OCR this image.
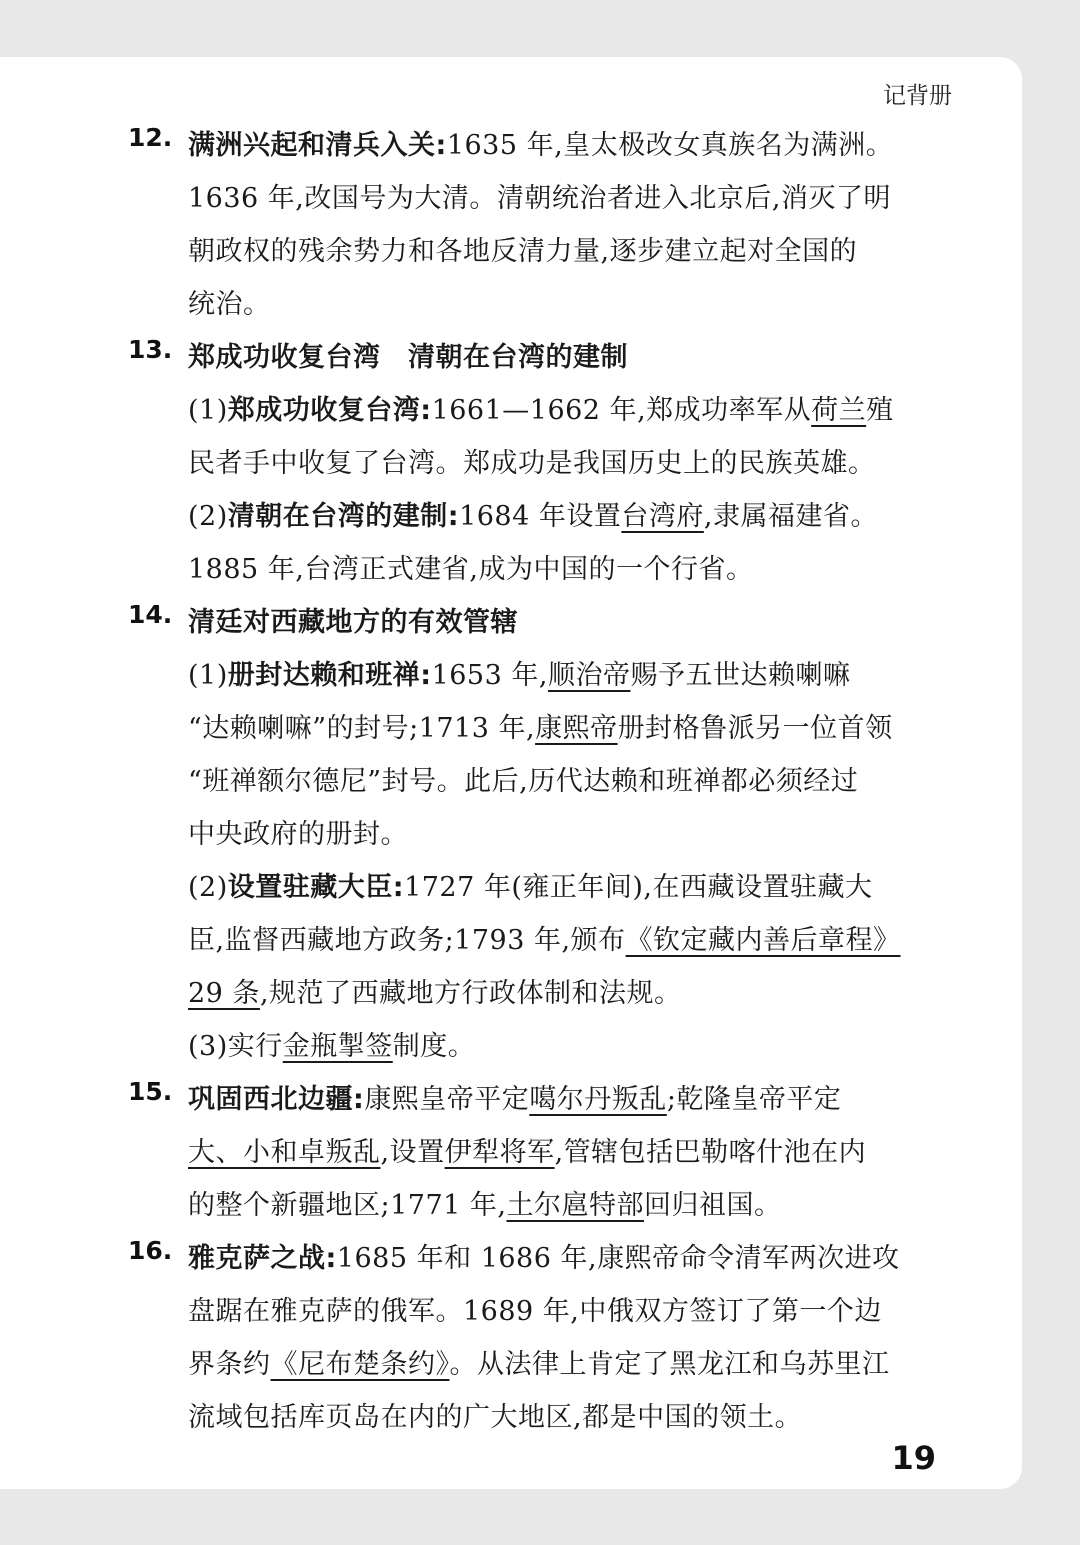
记背册
12. 满洲兴起和清兵入关:1635 年,皇太极改女真族名为满洲。
1636 年,改国号为大清。清朝统治者进入北京后,消灭了明
朝政权的残余势力和各地反清力量,逐步建立起对全国的
统治。
13. 郑成功收复台湾　清朝在台湾的建制
(1)郑成功收复台湾:1661—1662 年,郑成功率军从荷兰殖
民者手中收复了台湾。郑成功是我国历史上的民族英雄。
(2)清朝在台湾的建制:1684 年设置台湾府,隶属福建省。
1885 年,台湾正式建省,成为中国的一个行省。
14. 清廷对西藏地方的有效管辖
(1)册封达赖和班禅:1653 年,顺治帝赐予五世达赖喇嘛
“达赖喇嘛”的封号;1713 年,康熙帝册封格鲁派另一位首领
“班禅额尔德尼”封号。此后,历代达赖和班禅都必须经过
中央政府的册封。
(2)设置驻藏大臣:1727 年(雍正年间),在西藏设置驻藏大
臣,监督西藏地方政务;1793 年,颁布《钦定藏内善后章程》
29 条,规范了西藏地方行政体制和法规。
(3)实行金瓶掣签制度。
15. 巩固西北边疆:康熙皇帝平定噶尔丹叛乱;乾隆皇帝平定
大、小和卓叛乱,设置伊犁将军,管辖包括巴勒喀什池在内
的整个新疆地区;1771 年,土尔扈特部回归祖国。
16. 雅克萨之战:1685 年和 1686 年,康熙帝命令清军两次进攻
盘踞在雅克萨的俄军。1689 年,中俄双方签订了第一个边
界条约《尼布楚条约》。从法律上肯定了黑龙江和乌苏里江
流域包括库页岛在内的广大地区,都是中国的领土。
19
